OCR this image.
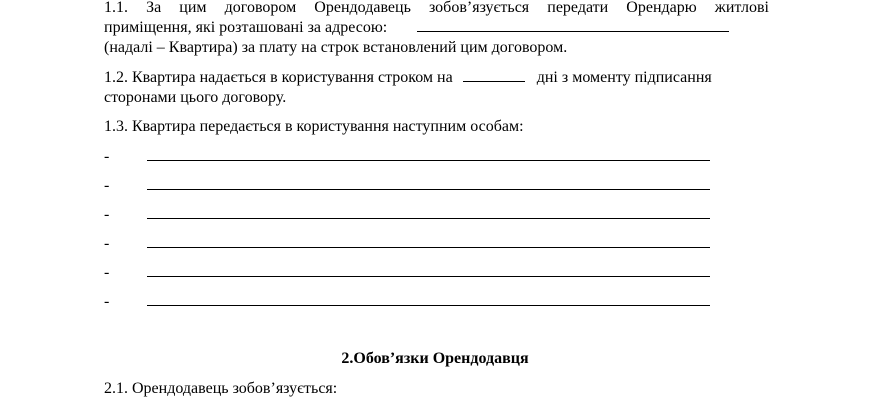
1.1. За цим договором Орендодавець зобов’язується передати Орендарю житлові
приміщення, які розташовані за адресою:
(надалі – Квартира) за плату на строк встановлений цим договором.
1.2. Квартира надається в користування строком на	дні з моменту підписання
сторонами цього договору.
1.3. Квартира передається в користування наступним особам:
-
-
-
-
-
-
2.Обов’язки Орендодавця
2.1. Орендодавець зобов’язується:
